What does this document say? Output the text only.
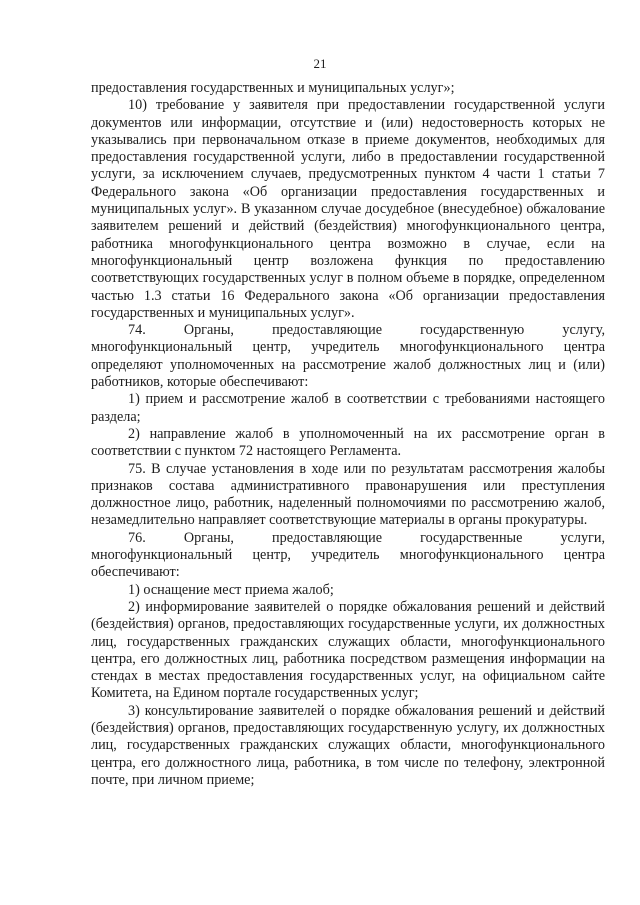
21

предоставления государственных и муниципальных услуг»;

10) требование у заявителя при предоставлении государственной услуги документов или информации, отсутствие и (или) недостоверность которых не указывались при первоначальном отказе в приеме документов, необходимых для предоставления государственной услуги, либо в предоставлении государственной услуги, за исключением случаев, предусмотренных пунктом 4 части 1 статьи 7 Федерального закона «Об организации предоставления государственных и муниципальных услуг». В указанном случае досудебное (внесудебное) обжалование заявителем решений и действий (бездействия) многофункционального центра, работника многофункционального центра возможно в случае, если на многофункциональный центр возложена функция по предоставлению соответствующих государственных услуг в полном объеме в порядке, определенном частью 1.3 статьи 16 Федерального закона «Об организации предоставления государственных и муниципальных услуг».

74. Органы, предоставляющие государственную услугу, многофункциональный центр, учредитель многофункционального центра определяют уполномоченных на рассмотрение жалоб должностных лиц и (или) работников, которые обеспечивают:

1) прием и рассмотрение жалоб в соответствии с требованиями настоящего раздела;

2) направление жалоб в уполномоченный на их рассмотрение орган в соответствии с пунктом 72 настоящего Регламента.

75. В случае установления в ходе или по результатам рассмотрения жалобы признаков состава административного правонарушения или преступления должностное лицо, работник, наделенный полномочиями по рассмотрению жалоб, незамедлительно направляет соответствующие материалы в органы прокуратуры.

76. Органы, предоставляющие государственные услуги, многофункциональный центр, учредитель многофункционального центра обеспечивают:

1) оснащение мест приема жалоб;

2) информирование заявителей о порядке обжалования решений и действий (бездействия) органов, предоставляющих государственные услуги, их должностных лиц, государственных гражданских служащих области, многофункционального центра, его должностных лиц, работника посредством размещения информации на стендах в местах предоставления государственных услуг, на официальном сайте Комитета, на Едином портале государственных услуг;

3) консультирование заявителей о порядке обжалования решений и действий (бездействия) органов, предоставляющих государственную услугу, их должностных лиц, государственных гражданских служащих области, многофункционального центра, его должностного лица, работника, в том числе по телефону, электронной почте, при личном приеме;
